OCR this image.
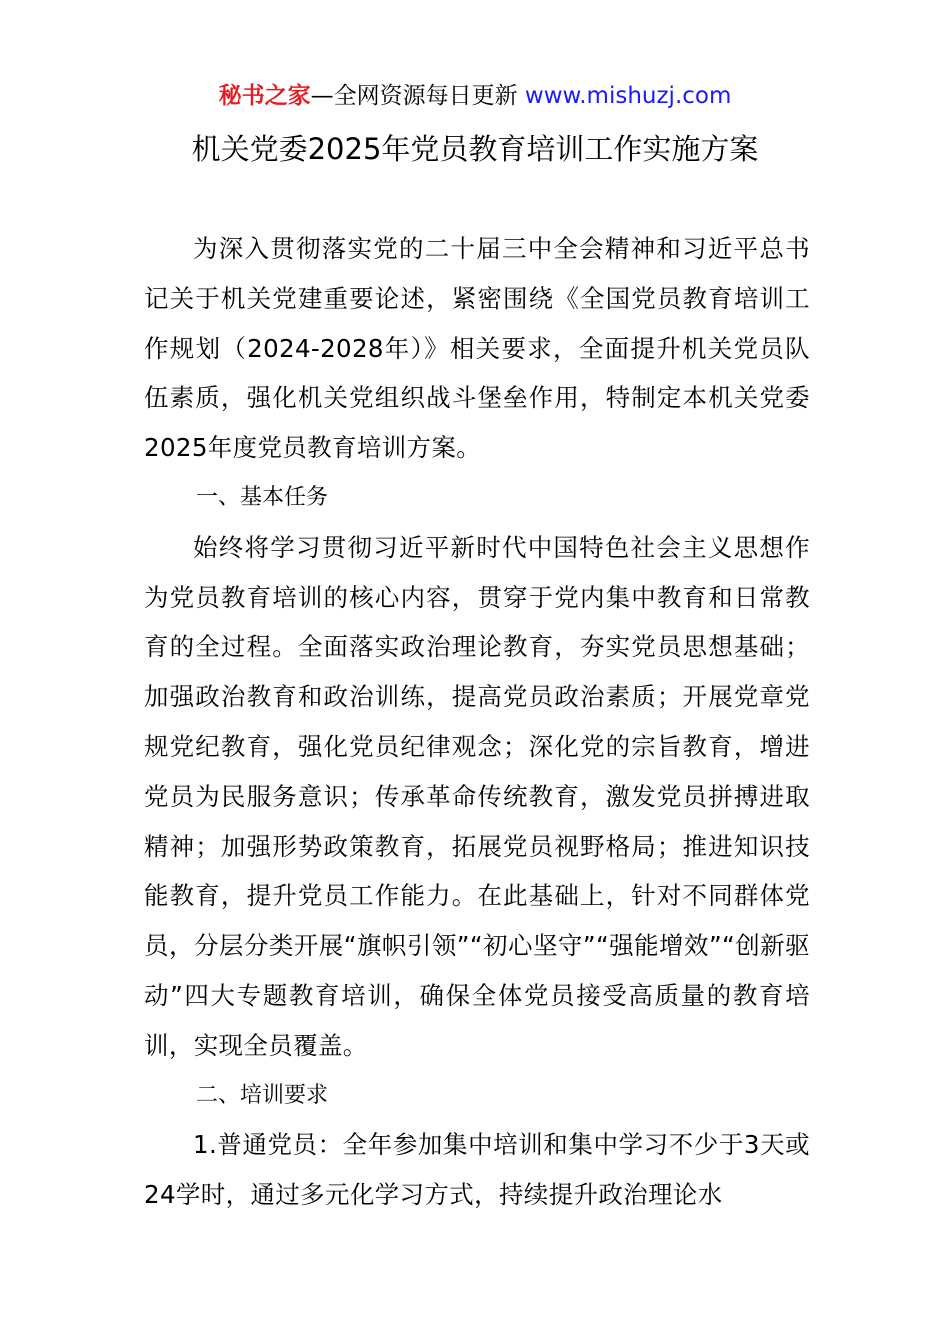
秘书之家—全网资源每日更新 www.mishuzj.com
机关党委2025年党员教育培训工作实施方案

为深入贯彻落实党的二十届三中全会精神和习近平总书记关于机关党建重要论述，紧密围绕《全国党员教育培训工作规划（2024-2028年）》相关要求，全面提升机关党员队伍素质，强化机关党组织战斗堡垒作用，特制定本机关党委2025年度党员教育培训方案。

一、基本任务

始终将学习贯彻习近平新时代中国特色社会主义思想作为党员教育培训的核心内容，贯穿于党内集中教育和日常教育的全过程。全面落实政治理论教育，夯实党员思想基础；加强政治教育和政治训练，提高党员政治素质；开展党章党规党纪教育，强化党员纪律观念；深化党的宗旨教育，增进党员为民服务意识；传承革命传统教育，激发党员拼搏进取精神；加强形势政策教育，拓展党员视野格局；推进知识技能教育，提升党员工作能力。在此基础上，针对不同群体党员，分层分类开展“旗帜引领”“初心坚守”“强能增效”“创新驱动”四大专题教育培训，确保全体党员接受高质量的教育培训，实现全员覆盖。

二、培训要求

1.普通党员：全年参加集中培训和集中学习不少于3天或24学时，通过多元化学习方式，持续提升政治理论水
